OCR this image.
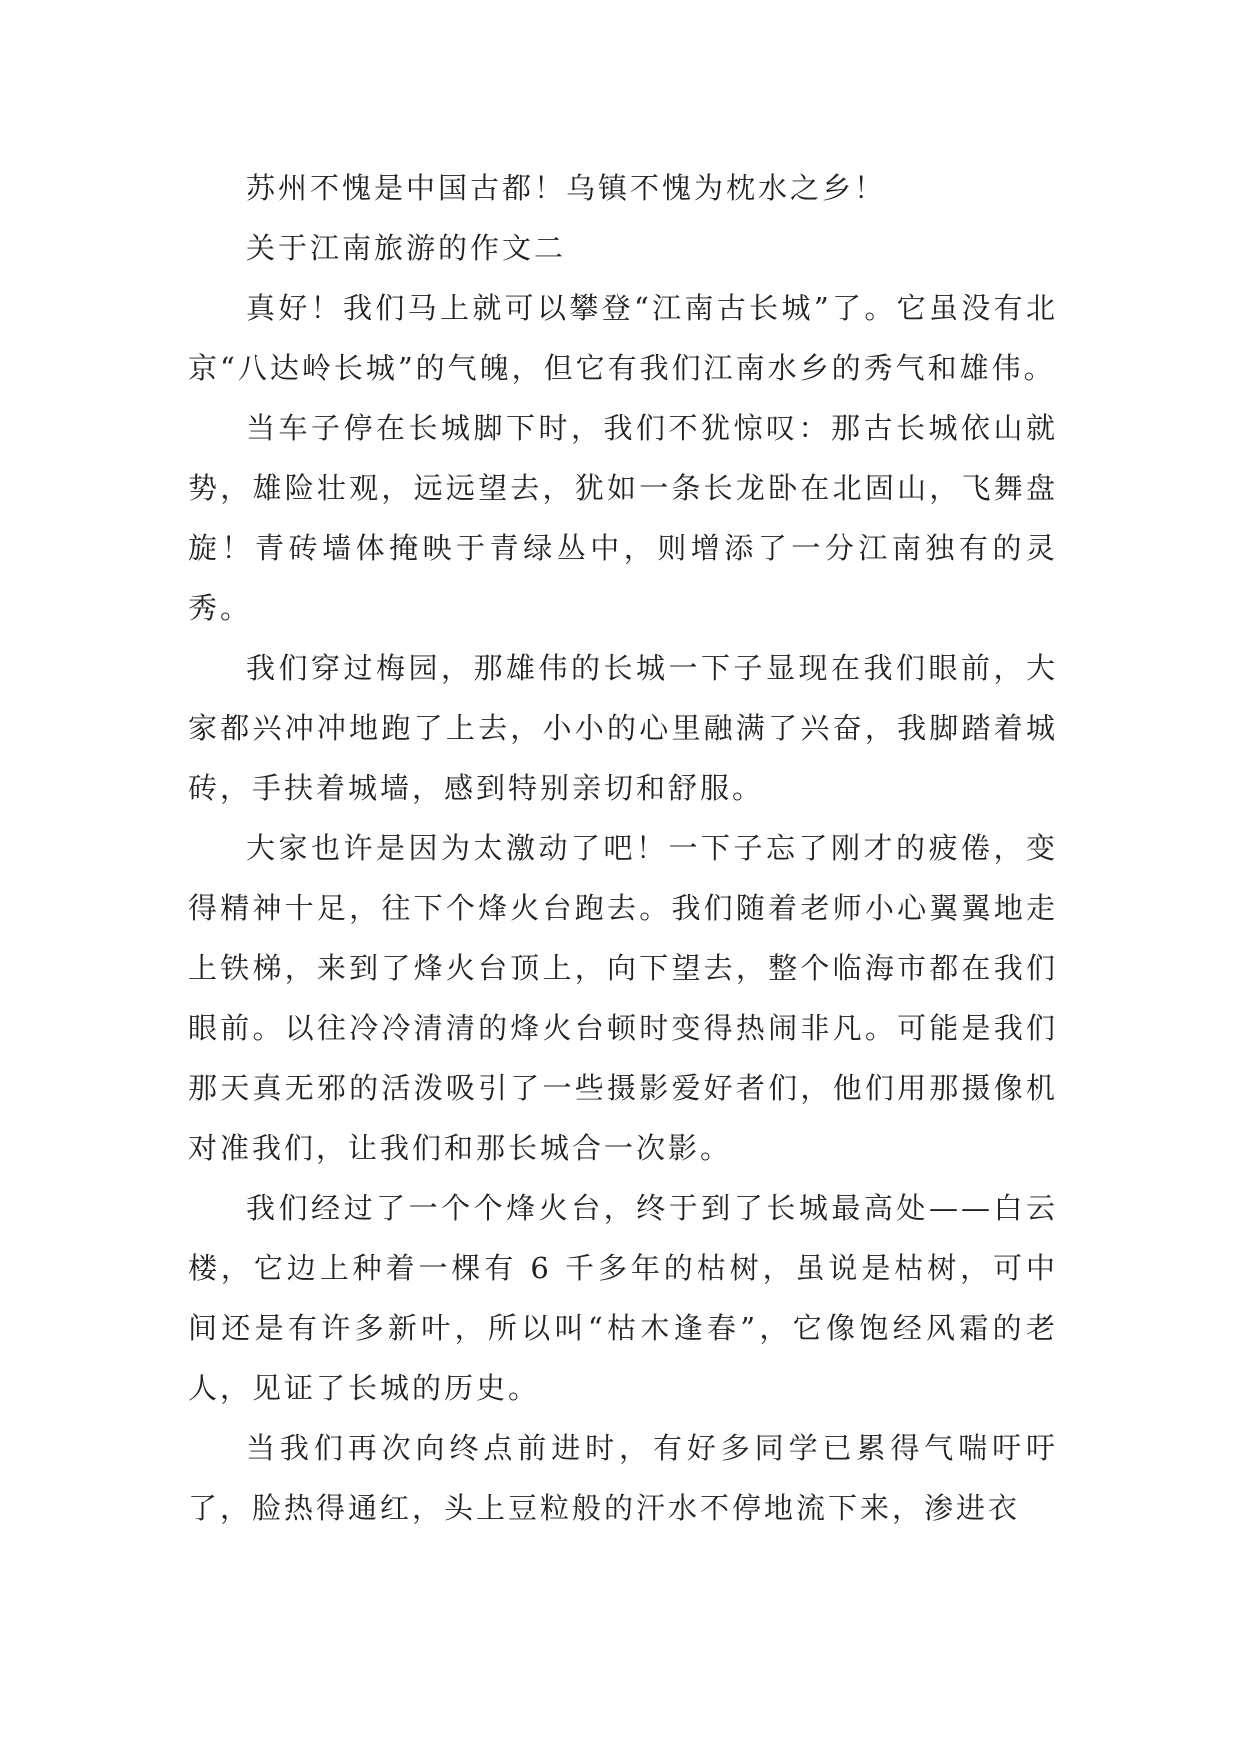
苏州不愧是中国古都！乌镇不愧为枕水之乡！

关于江南旅游的作文二

真好！我们马上就可以攀登“江南古长城”了。它虽没有北京“八达岭长城”的气魄，但它有我们江南水乡的秀气和雄伟。

当车子停在长城脚下时，我们不犹惊叹：那古长城依山就势，雄险壮观，远远望去，犹如一条长龙卧在北固山，飞舞盘旋！青砖墙体掩映于青绿丛中，则增添了一分江南独有的灵秀。

我们穿过梅园，那雄伟的长城一下子显现在我们眼前，大家都兴冲冲地跑了上去，小小的心里融满了兴奋，我脚踏着城砖，手扶着城墙，感到特别亲切和舒服。

大家也许是因为太激动了吧！一下子忘了刚才的疲倦，变得精神十足，往下个烽火台跑去。我们随着老师小心翼翼地走上铁梯，来到了烽火台顶上，向下望去，整个临海市都在我们眼前。以往冷冷清清的烽火台顿时变得热闹非凡。可能是我们那天真无邪的活泼吸引了一些摄影爱好者们，他们用那摄像机对准我们，让我们和那长城合一次影。

我们经过了一个个烽火台，终于到了长城最高处——白云楼，它边上种着一棵有 6 千多年的枯树，虽说是枯树，可中间还是有许多新叶，所以叫“枯木逢春”，它像饱经风霜的老人，见证了长城的历史。

当我们再次向终点前进时，有好多同学已累得气喘吁吁了，脸热得通红，头上豆粒般的汗水不停地流下来，渗进衣
